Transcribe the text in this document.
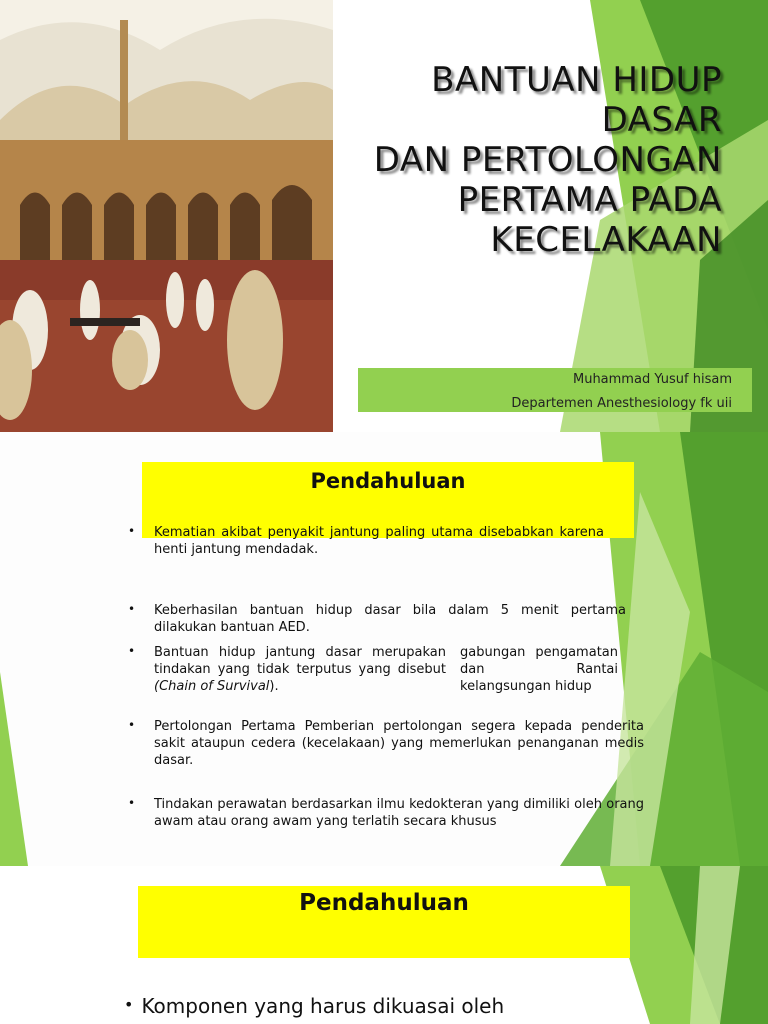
BANTUAN HIDUP
DASAR
DAN PERTOLONGAN
PERTAMA PADA
KECELAKAAN
Muhammad Yusuf hisam
Departemen Anesthesiology fk uii
Pendahuluan
• Kematian akibat penyakit jantung paling utama disebabkan karena henti jantung mendadak.
• Keberhasilan bantuan hidup dasar bila dalam 5 menit pertama dilakukan bantuan AED.
• Bantuan hidup jantung dasar merupakan tindakan yang tidak terputus yang disebut (Chain of Survival).
gabungan pengamatan dan Rantai kelangsungan hidup
• Pertolongan Pertama Pemberian pertolongan segera kepada penderita sakit ataupun cedera (kecelakaan) yang memerlukan penanganan medis dasar.
• Tindakan perawatan berdasarkan ilmu kedokteran yang dimiliki oleh orang awam atau orang awam yang terlatih secara khusus
Pendahuluan
• Komponen yang harus dikuasai oleh
